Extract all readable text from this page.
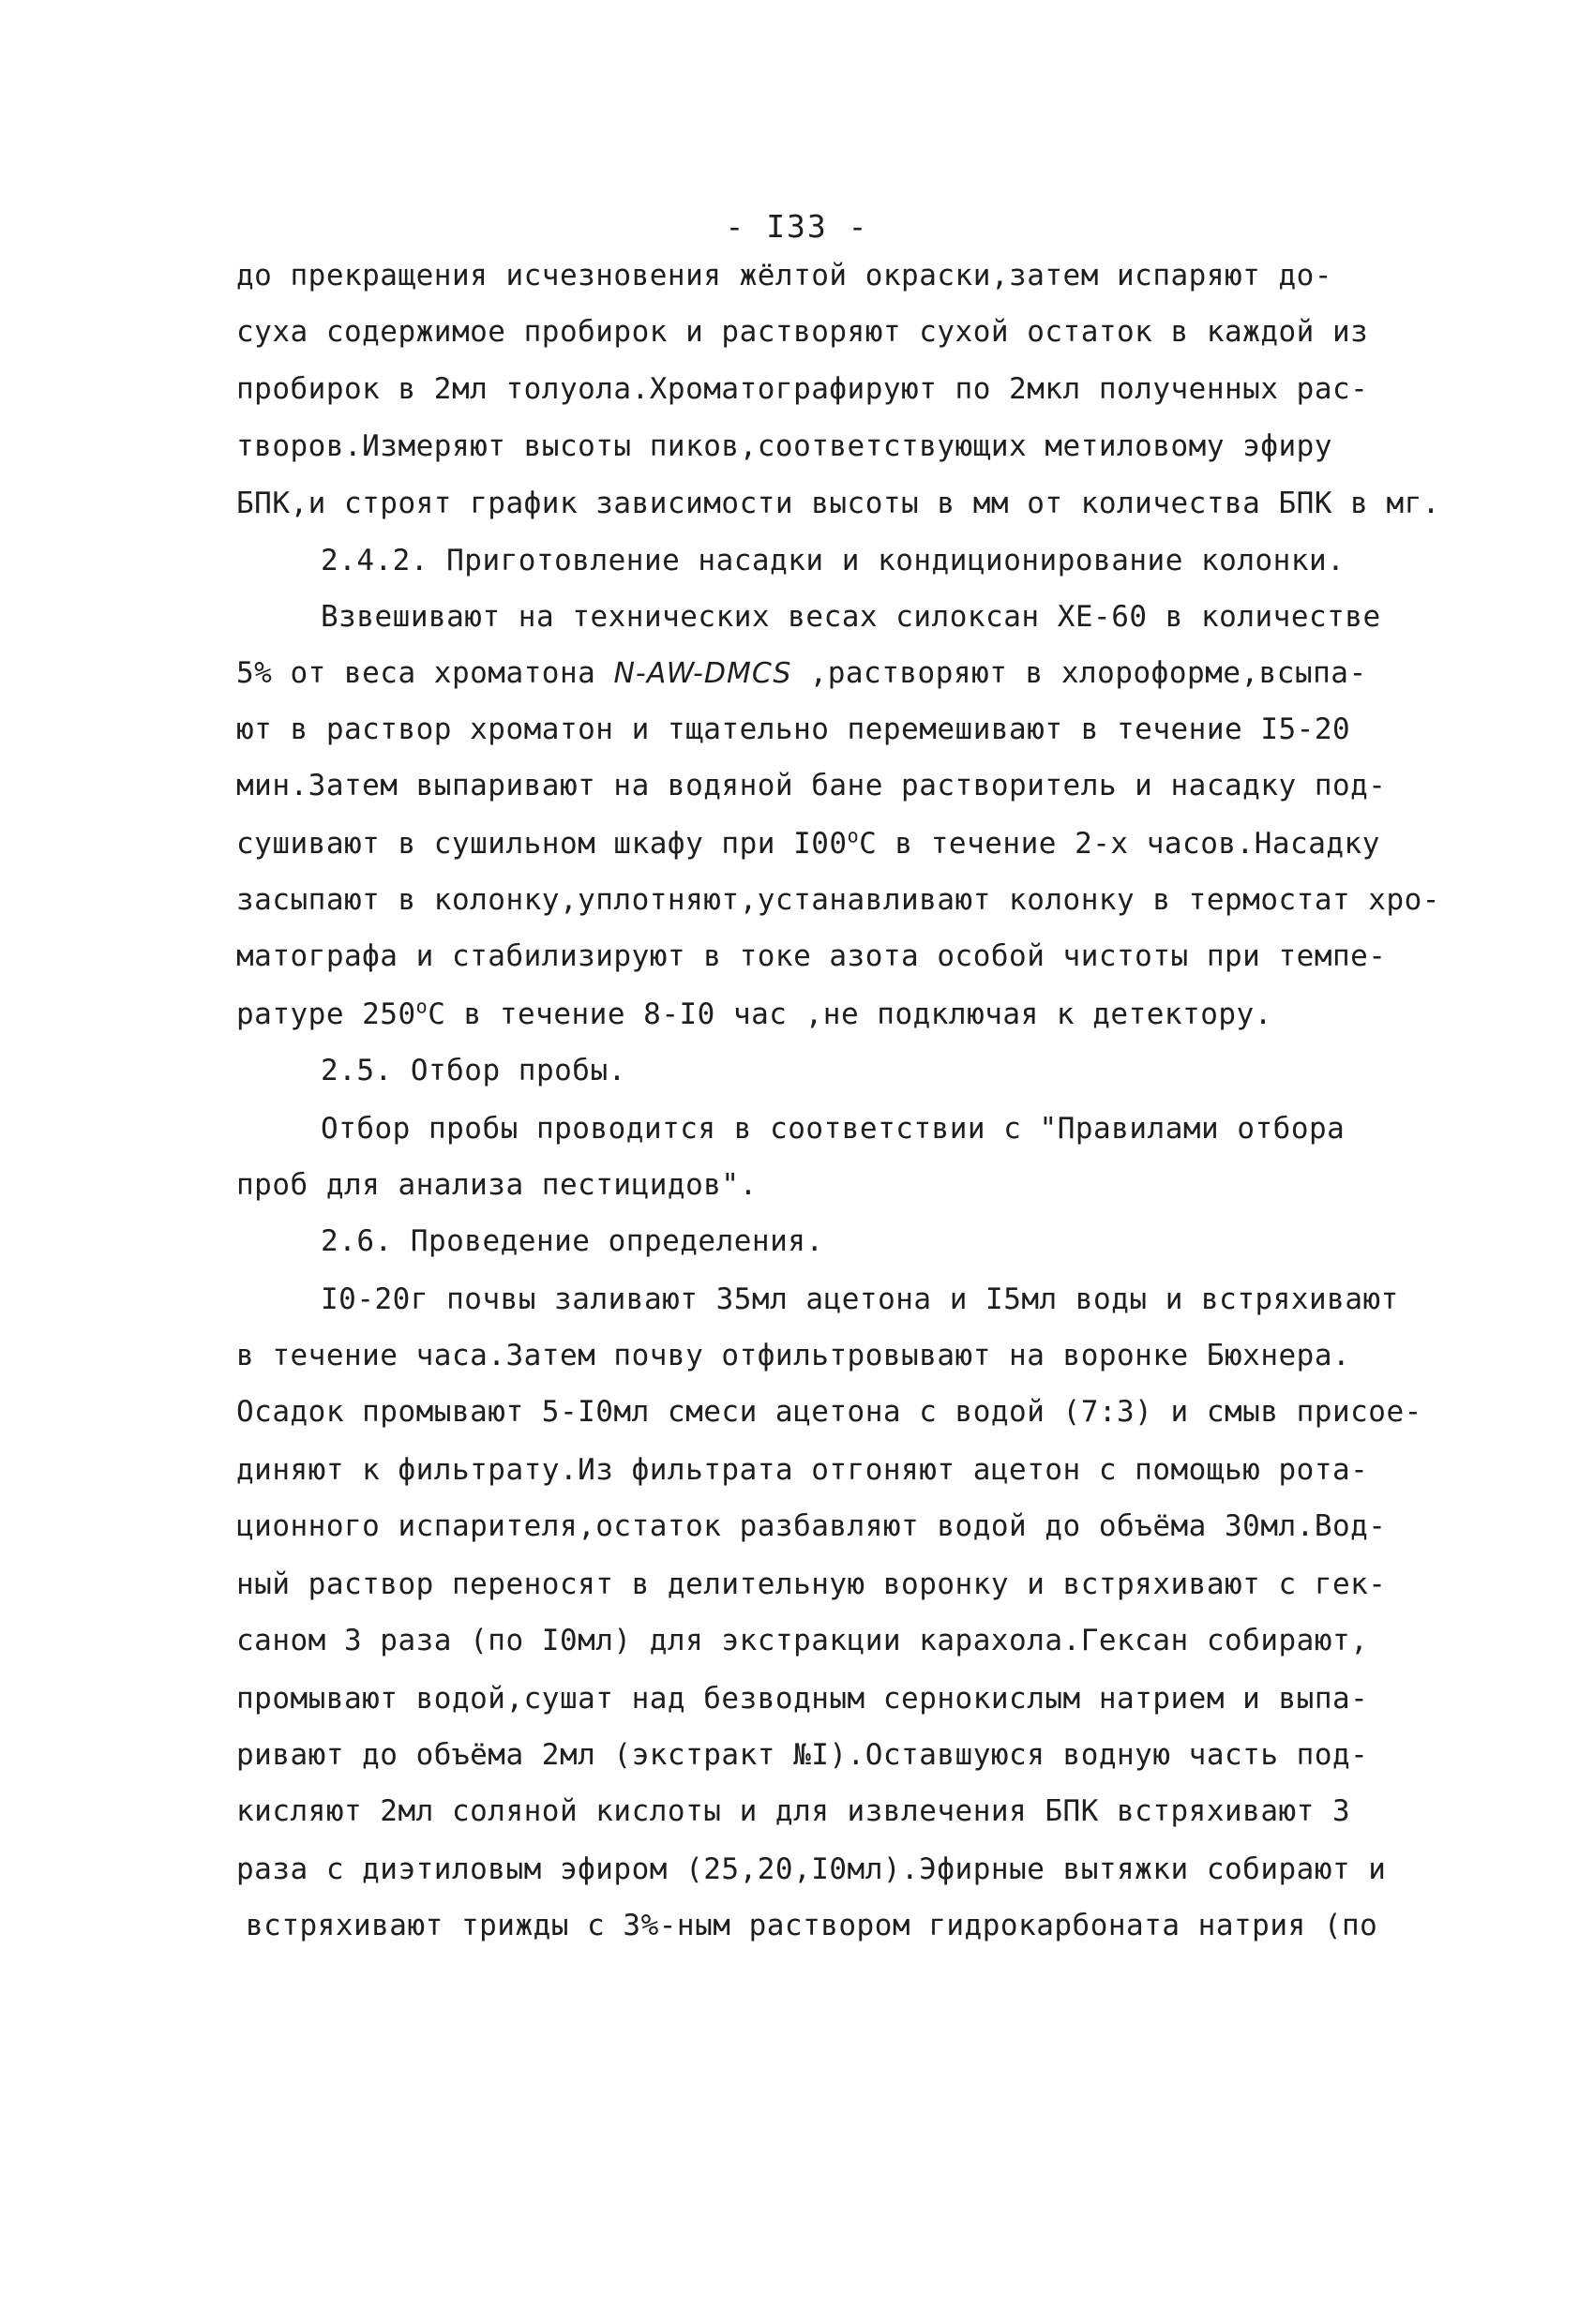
- I33 -
до прекращения исчезновения жёлтой окраски,затем испаряют до-
суха содержимое пробирок и растворяют сухой остаток в каждой из
пробирок в 2мл толуола.Хроматографируют по 2мкл полученных рас-
творов.Измеряют высоты пиков,соответствующих метиловому эфиру
БПК,и строят график зависимости высоты в мм от количества БПК в мг.
2.4.2. Приготовление насадки и кондиционирование колонки.
Взвешивают на технических весах силоксан ХЕ-60 в количестве
5% от веса хроматона N-AW-DMCS ,растворяют в хлороформе,всыпа-
ют в раствор хроматон и тщательно перемешивают в течение I5-20
мин.Затем выпаривают на водяной бане растворитель и насадку под-
сушивают в сушильном шкафу при $I00^оС$ в течение 2-х часов.Насадку
засыпают в колонку,уплотняют,устанавливают колонку в термостат хро-
матографа и стабилизируют в токе азота особой чистоты при темпе-
ратуре $250^оС$ в течение 8-I0 час ,не подключая к детектору.
2.5. Отбор пробы.
Отбор пробы проводится в соответствии с "Правилами отбора
проб для анализа пестицидов".
2.6. Проведение определения.
I0-20г почвы заливают 35мл ацетона и I5мл воды и встряхивают
в течение часа.Затем почву отфильтровывают на воронке Бюхнера.
Осадок промывают 5-I0мл смеси ацетона с водой (7:3) и смыв присое-
диняют к фильтрату.Из фильтрата отгоняют ацетон с помощью рота-
ционного испарителя,остаток разбавляют водой до объёма 30мл.Вод-
ный раствор переносят в делительную воронку и встряхивают с гек-
саном 3 раза (по I0мл) для экстракции карахола.Гексан собирают,
промывают водой,сушат над безводным сернокислым натрием и выпа-
ривают до объёма 2мл (экстракт №I).Оставшуюся водную часть под-
кисляют 2мл соляной кислоты и для извлечения БПК встряхивают 3
раза с диэтиловым эфиром (25,20,I0мл).Эфирные вытяжки собирают и
встряхивают трижды с 3%-ным раствором гидрокарбоната натрия (по
